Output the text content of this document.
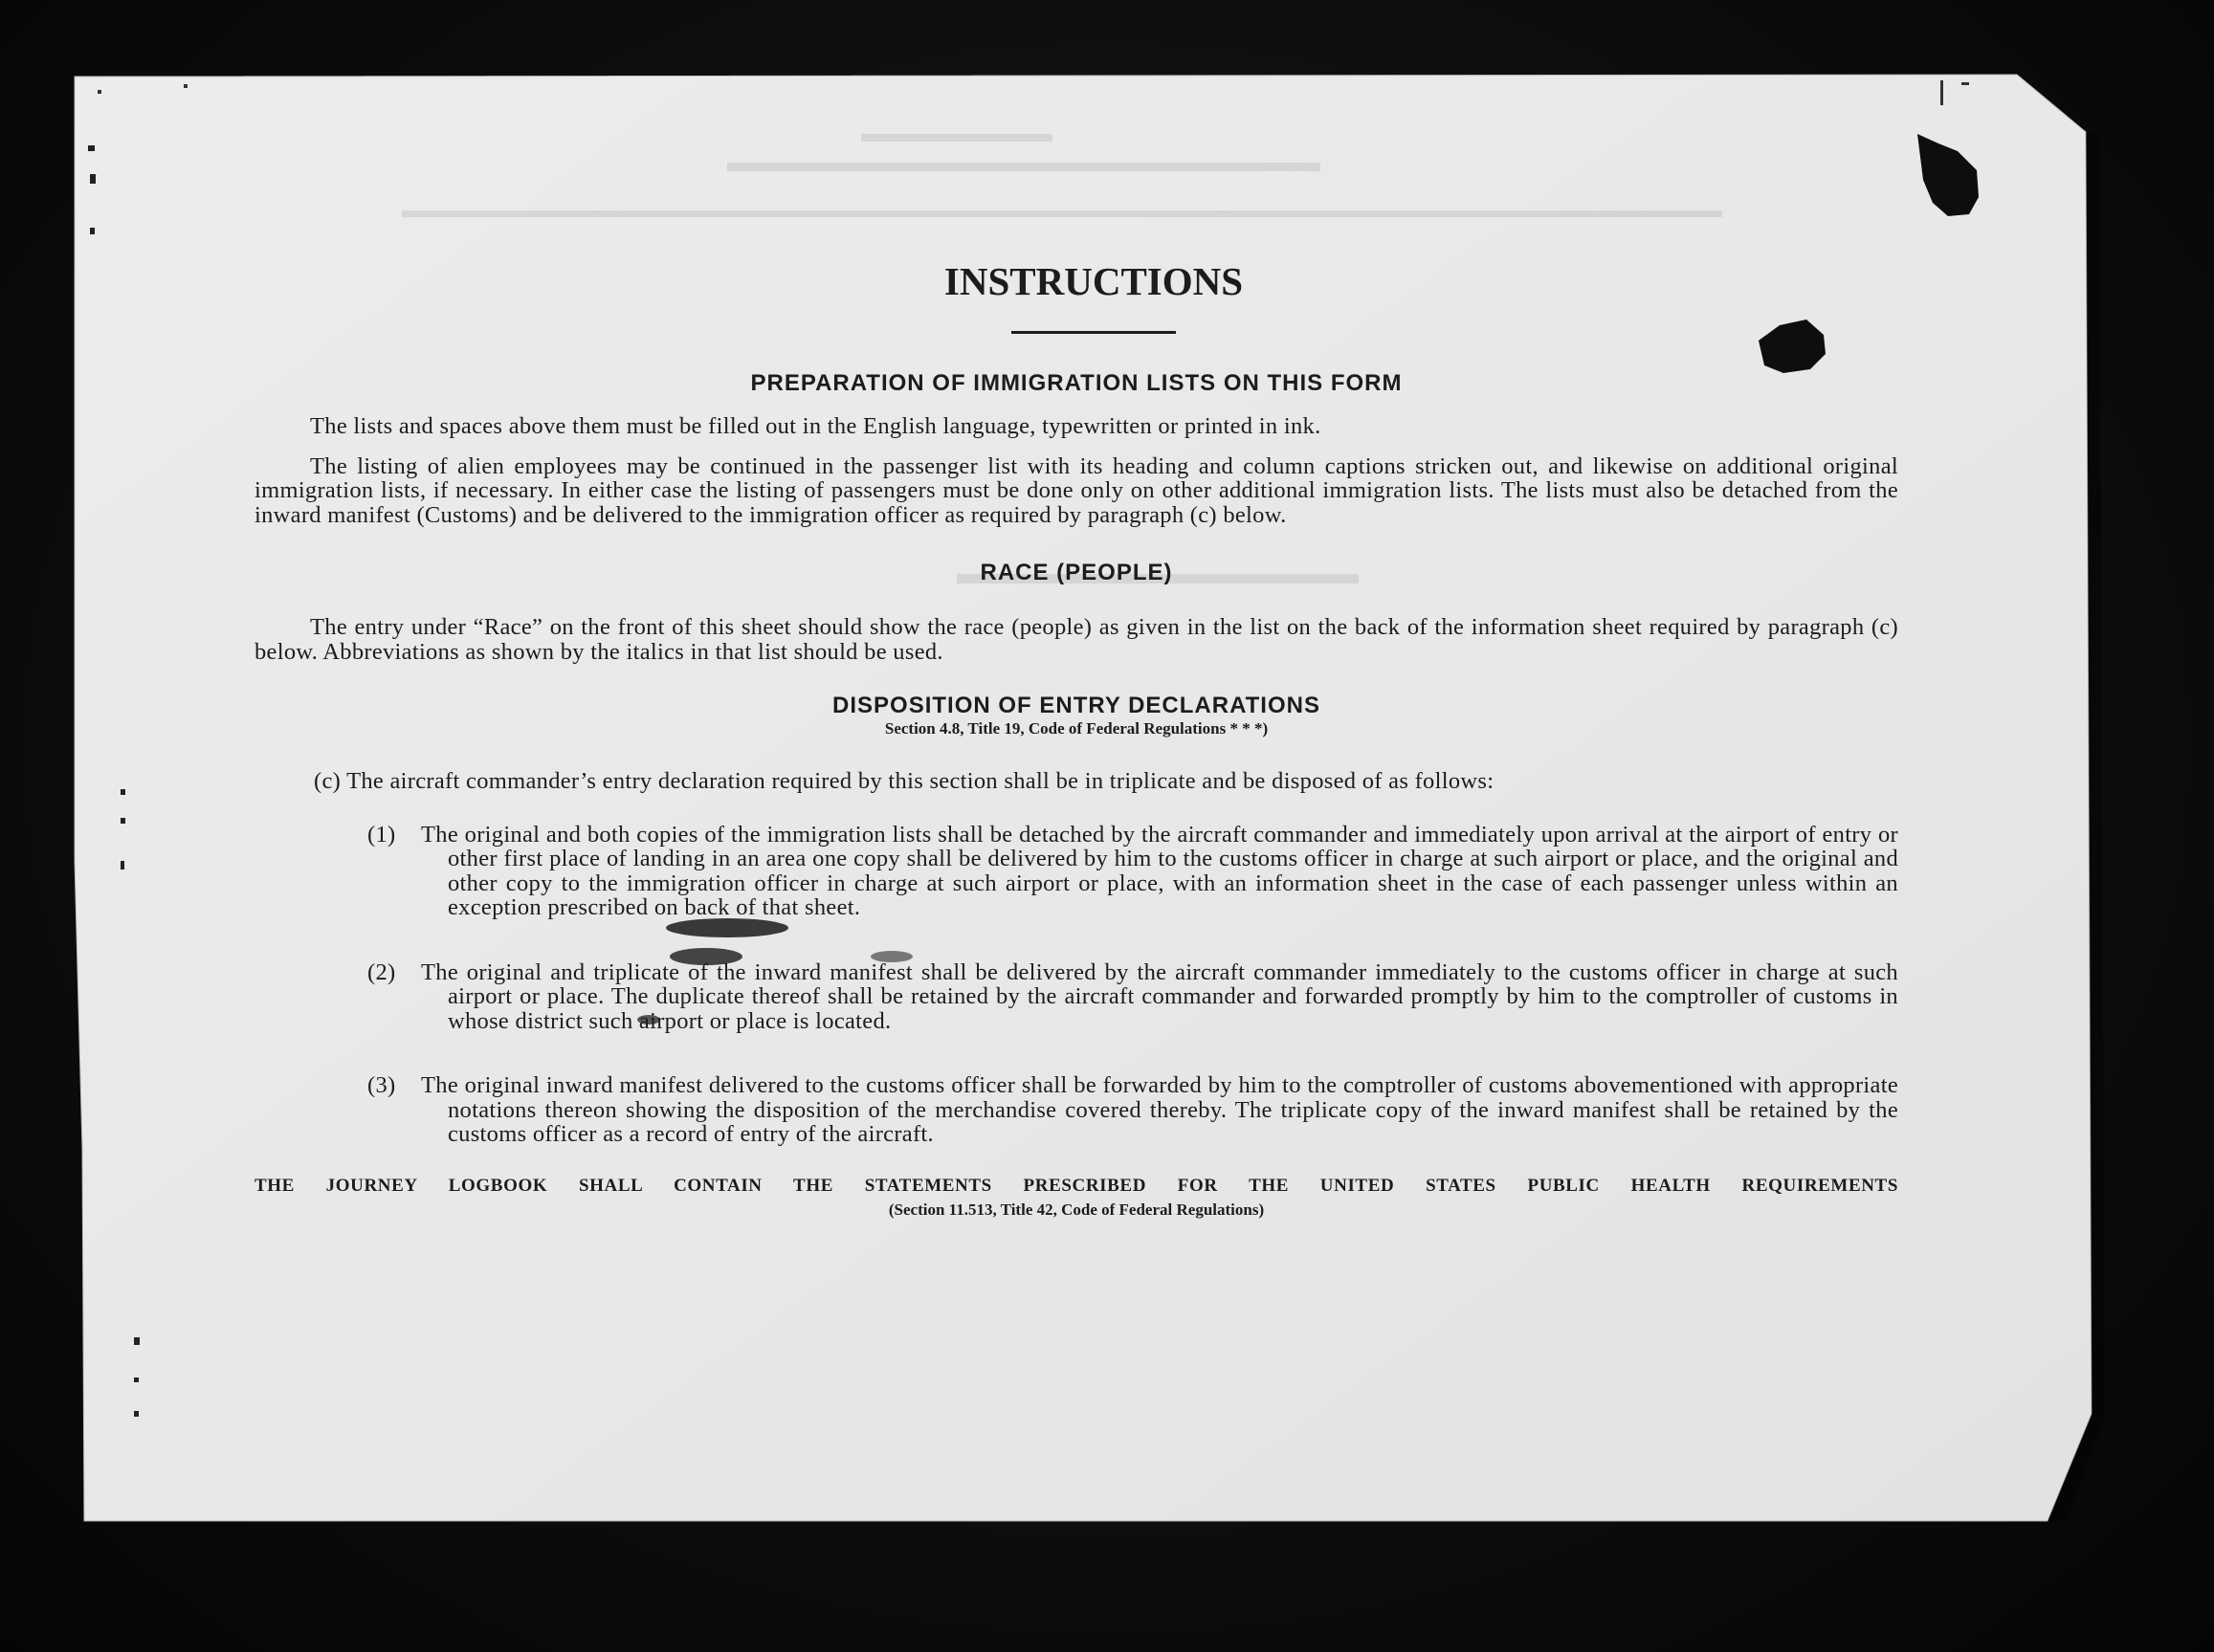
INSTRUCTIONS
PREPARATION OF IMMIGRATION LISTS ON THIS FORM

The lists and spaces above them must be filled out in the English language, typewritten or printed in ink.

The listing of alien employees may be continued in the passenger list with its heading and column captions stricken out, and likewise on additional original immigration lists, if necessary. In either case the listing of passengers must be done only on other additional immigration lists. The lists must also be detached from the inward manifest (Customs) and be delivered to the immigration officer as required by paragraph (c) below.

RACE (PEOPLE)

The entry under “Race” on the front of this sheet should show the race (people) as given in the list on the back of the information sheet required by paragraph (c) below. Abbreviations as shown by the italics in that list should be used.

DISPOSITION OF ENTRY DECLARATIONS
Section 4.8, Title 19, Code of Federal Regulations * * *)

(c) The aircraft commander’s entry declaration required by this section shall be in triplicate and be disposed of as follows:

(1)	The original and both copies of the immigration lists shall be detached by the aircraft commander and immediately upon arrival at the airport of entry or other first place of landing in an area one copy shall be delivered by him to the customs officer in charge at such airport or place, and the original and other copy to the immigration officer in charge at such airport or place, with an information sheet in the case of each passenger unless within an exception prescribed on back of that sheet.
(2)	The original and triplicate of the inward manifest shall be delivered by the aircraft commander immediately to the customs officer in charge at such airport or place. The duplicate thereof shall be retained by the aircraft commander and forwarded promptly by him to the comptroller of customs in whose district such airport or place is located.
(3)	The original inward manifest delivered to the customs officer shall be forwarded by him to the comptroller of customs abovementioned with appropriate notations thereon showing the disposition of the merchandise covered thereby. The triplicate copy of the inward manifest shall be retained by the customs officer as a record of entry of the aircraft.
THE JOURNEY LOGBOOK SHALL CONTAIN THE STATEMENTS PRESCRIBED FOR THE UNITED STATES PUBLIC HEALTH REQUIREMENTS
(Section 11.513, Title 42, Code of Federal Regulations)
